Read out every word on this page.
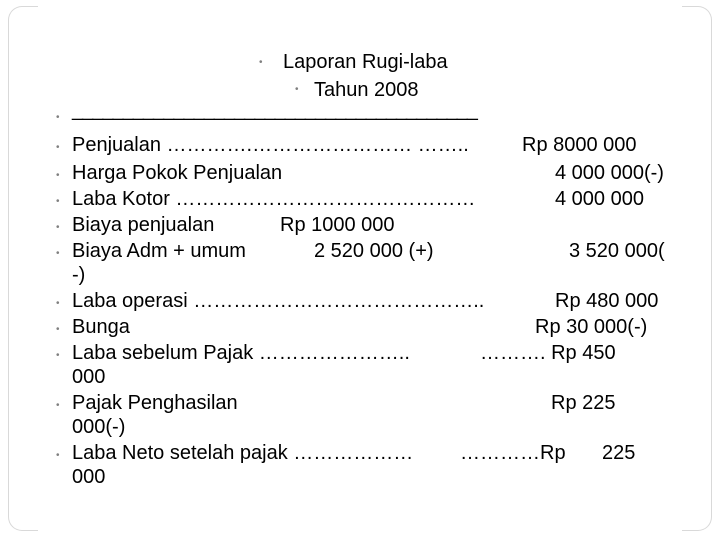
• Laporan Rugi-laba
• Tahun 2008
• ________________________________________
• Penjualan ………….…………………… ……..	Rp 8000 000
• Harga Pokok Penjualan	4 000 000(-)
• Laba Kotor ………………………………………	4 000 000
• Biaya penjualan	Rp 1000 000
• Biaya Adm + umum	2 520 000 (+)	3 520 000(
-)
• Laba operasi ……………………………………..	Rp 480 000
• Bunga	Rp 30 000(-)
• Laba sebelum Pajak …………………..	………. Rp 450
000
• Pajak Penghasilan	Rp 225
000(-)
• Laba Neto setelah pajak ……………… …………Rp 225
000
